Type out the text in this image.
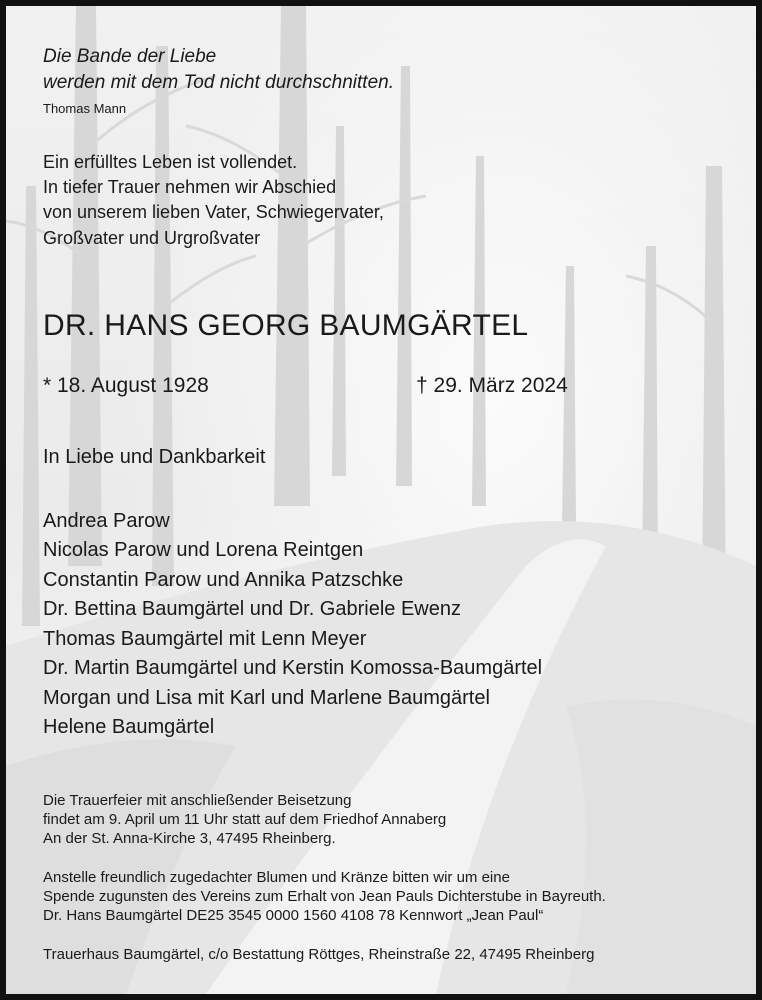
Die Bande der Liebe
werden mit dem Tod nicht durchschnitten.
Thomas Mann
Ein erfülltes Leben ist vollendet.
In tiefer Trauer nehmen wir Abschied
von unserem lieben Vater, Schwiegervater,
Großvater und Urgroßvater
DR. HANS GEORG BAUMGÄRTEL
* 18. August 1928	† 29. März 2024
In Liebe und Dankbarkeit
Andrea Parow
Nicolas Parow und Lorena Reintgen
Constantin Parow und Annika Patzschke
Dr. Bettina Baumgärtel und Dr. Gabriele Ewenz
Thomas Baumgärtel mit Lenn Meyer
Dr. Martin Baumgärtel und Kerstin Komossa-Baumgärtel
Morgan und Lisa mit Karl und Marlene Baumgärtel
Helene Baumgärtel
Die Trauerfeier mit anschließender Beisetzung
findet am 9. April um 11 Uhr statt auf dem Friedhof Annaberg
An der St. Anna-Kirche 3, 47495 Rheinberg.
Anstelle freundlich zugedachter Blumen und Kränze bitten wir um eine
Spende zugunsten des Vereins zum Erhalt von Jean Pauls Dichterstube in Bayreuth.
Dr. Hans Baumgärtel DE25 3545 0000 1560 4108 78 Kennwort „Jean Paul“
Trauerhaus Baumgärtel, c/o Bestattung Röttges, Rheinstraße 22, 47495 Rheinberg
